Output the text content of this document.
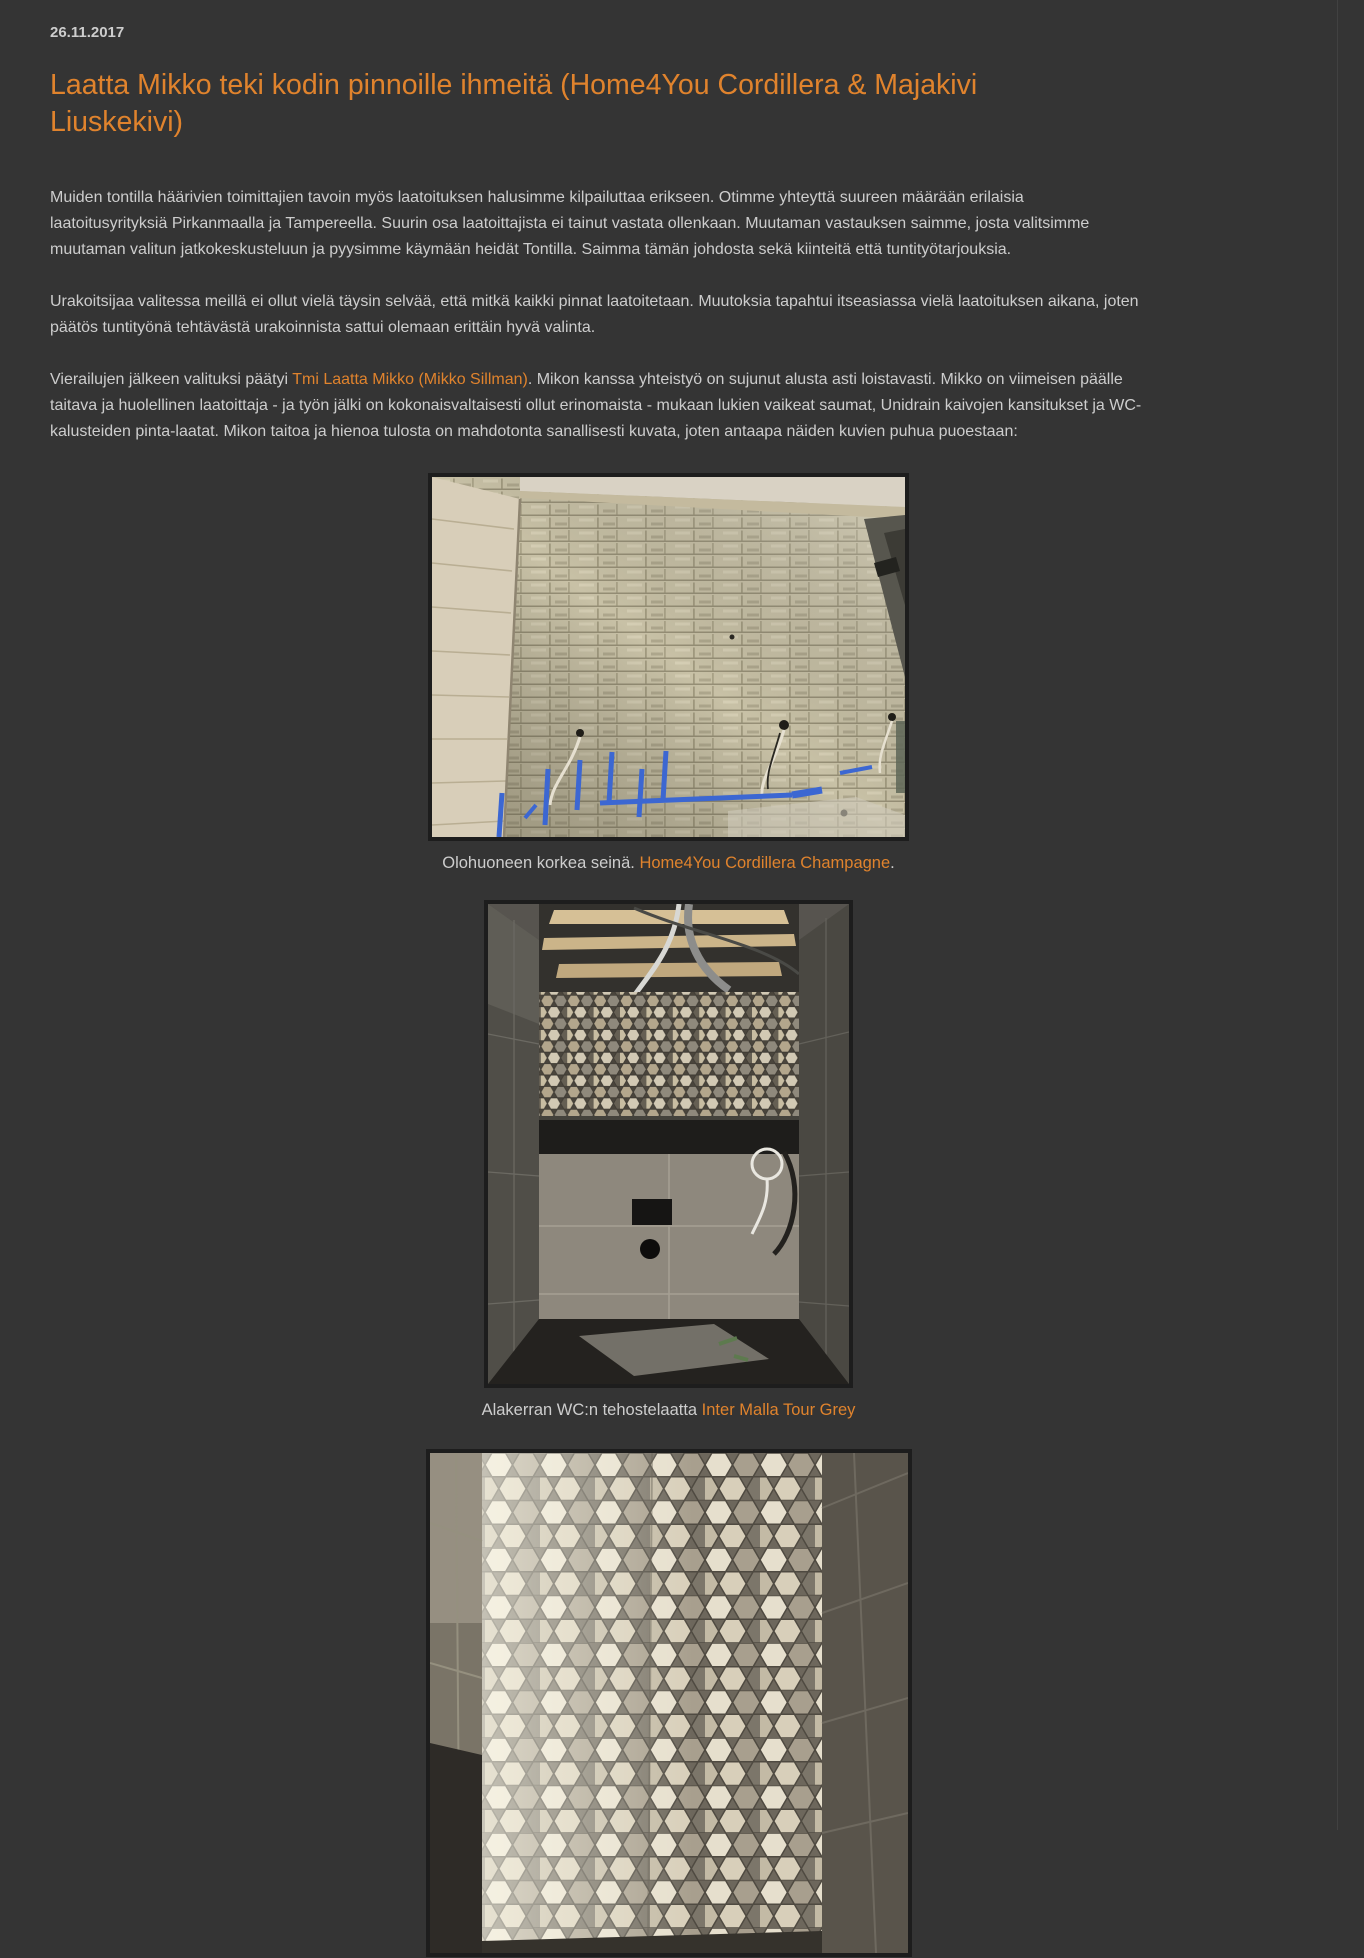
26.11.2017
Laatta Mikko teki kodin pinnoille ihmeitä (Home4You Cordillera & Majakivi Liuskekivi)

Muiden tontilla häärivien toimittajien tavoin myös laatoituksen halusimme kilpailuttaa erikseen. Otimme yhteyttä suureen määrään erilaisia laatoitusyrityksiä Pirkanmaalla ja Tampereella. Suurin osa laatoittajista ei tainut vastata ollenkaan. Muutaman vastauksen saimme, josta valitsimme muutaman valitun jatkokeskusteluun ja pyysimme käymään heidät Tontilla. Saimma tämän johdosta sekä kiinteitä että tuntityötarjouksia.

Urakoitsijaa valitessa meillä ei ollut vielä täysin selvää, että mitkä kaikki pinnat laatoitetaan. Muutoksia tapahtui itseasiassa vielä laatoituksen aikana, joten päätös tuntityönä tehtävästä urakoinnista sattui olemaan erittäin hyvä valinta.

Vierailujen jälkeen valituksi päätyi Tmi Laatta Mikko (Mikko Sillman). Mikon kanssa yhteistyö on sujunut alusta asti loistavasti. Mikko on viimeisen päälle taitava ja huolellinen laatoittaja - ja työn jälki on kokonaisvaltaisesti ollut erinomaista - mukaan lukien vaikeat saumat, Unidrain kaivojen kansitukset ja WC-kalusteiden pinta-laatat. Mikon taitoa ja hienoa tulosta on mahdotonta sanallisesti kuvata, joten antaapa näiden kuvien puhua puoestaan:

Olohuoneen korkea seinä. Home4You Cordillera Champagne.
Alakerran WC:n tehostelaatta Inter Malla Tour Grey
